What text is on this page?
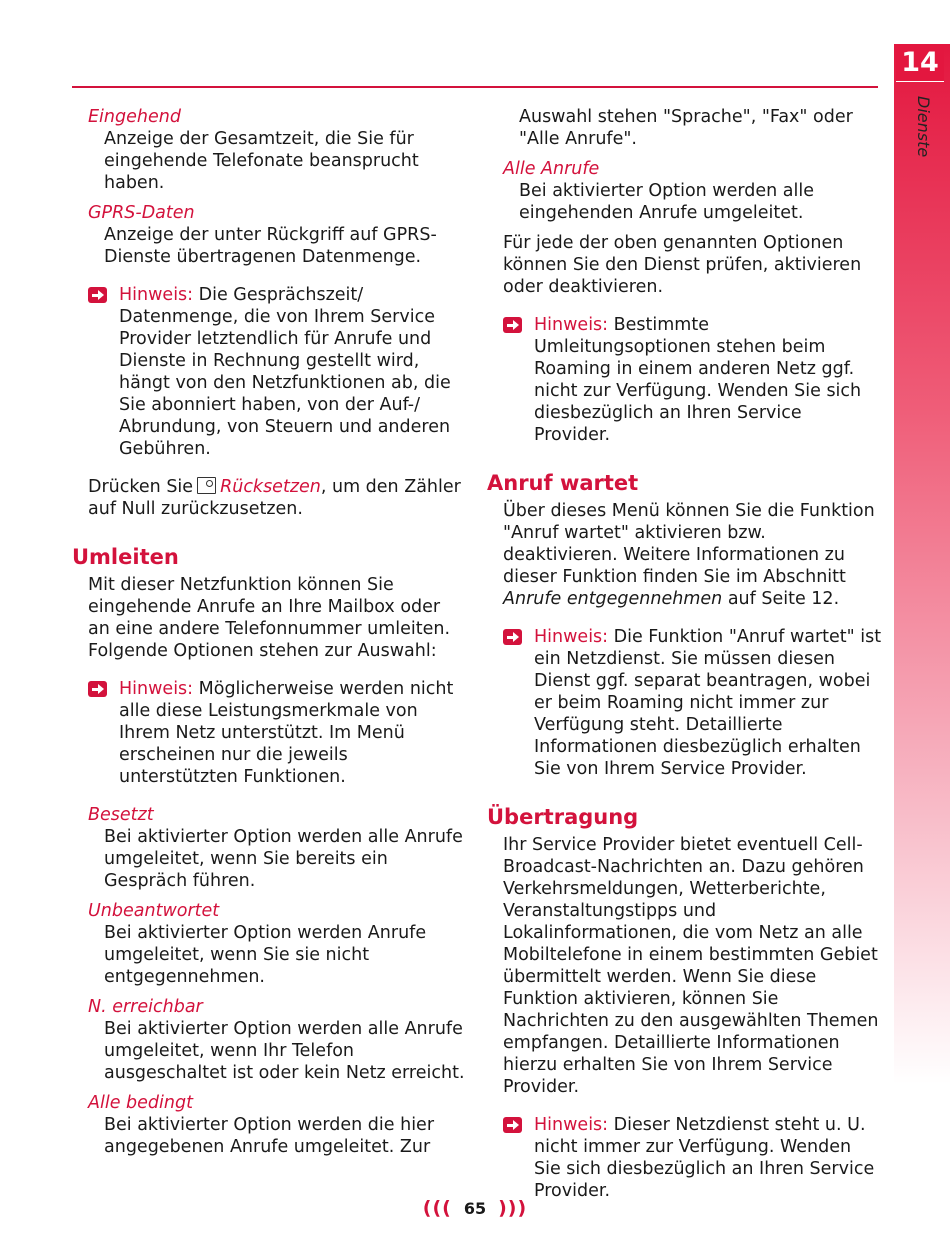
14
Dienste
Eingehend
Anzeige der Gesamtzeit, die Sie für eingehende Telefonate beansprucht haben.
GPRS-Daten
Anzeige der unter Rückgriff auf GPRS-Dienste übertragenen Datenmenge.
Hinweis: Die Gesprächszeit/ Datenmenge, die von Ihrem Service Provider letztendlich für Anrufe und Dienste in Rechnung gestellt wird, hängt von den Netzfunktionen ab, die Sie abonniert haben, von der Auf-/ Abrundung, von Steuern und anderen Gebühren.

Drücken Sie Rücksetzen, um den Zähler auf Null zurückzusetzen.

Umleiten

Mit dieser Netzfunktion können Sie eingehende Anrufe an Ihre Mailbox oder an eine andere Telefonnummer umleiten. Folgende Optionen stehen zur Auswahl:

Hinweis: Möglicherweise werden nicht alle diese Leistungsmerkmale von Ihrem Netz unterstützt. Im Menü erscheinen nur die jeweils unterstützten Funktionen.
Besetzt
Bei aktivierter Option werden alle Anrufe umgeleitet, wenn Sie bereits ein Gespräch führen.
Unbeantwortet
Bei aktivierter Option werden Anrufe umgeleitet, wenn Sie sie nicht entgegennehmen.
N. erreichbar
Bei aktivierter Option werden alle Anrufe umgeleitet, wenn Ihr Telefon ausgeschaltet ist oder kein Netz erreicht.
Alle bedingt
Bei aktivierter Option werden die hier angegebenen Anrufe umgeleitet. Zur
Auswahl stehen "Sprache", "Fax" oder "Alle Anrufe".
Alle Anrufe
Bei aktivierter Option werden alle eingehenden Anrufe umgeleitet.

Für jede der oben genannten Optionen können Sie den Dienst prüfen, aktivieren oder deaktivieren.

Hinweis: Bestimmte Umleitungsoptionen stehen beim Roaming in einem anderen Netz ggf. nicht zur Verfügung. Wenden Sie sich diesbezüglich an Ihren Service Provider.
Anruf wartet

Über dieses Menü können Sie die Funktion "Anruf wartet" aktivieren bzw. deaktivieren. Weitere Informationen zu dieser Funktion finden Sie im Abschnitt Anrufe entgegennehmen auf Seite 12.

Hinweis: Die Funktion "Anruf wartet" ist ein Netzdienst. Sie müssen diesen Dienst ggf. separat beantragen, wobei er beim Roaming nicht immer zur Verfügung steht. Detaillierte Informationen diesbezüglich erhalten Sie von Ihrem Service Provider.
Übertragung

Ihr Service Provider bietet eventuell Cell-Broadcast-Nachrichten an. Dazu gehören Verkehrsmeldungen, Wetterberichte, Veranstaltungstipps und Lokalinformationen, die vom Netz an alle Mobiltelefone in einem bestimmten Gebiet übermittelt werden. Wenn Sie diese Funktion aktivieren, können Sie Nachrichten zu den ausgewählten Themen empfangen. Detaillierte Informationen hierzu erhalten Sie von Ihrem Service Provider.

Hinweis: Dieser Netzdienst steht u. U. nicht immer zur Verfügung. Wenden Sie sich diesbezüglich an Ihren Service Provider.
((( 65 )))
